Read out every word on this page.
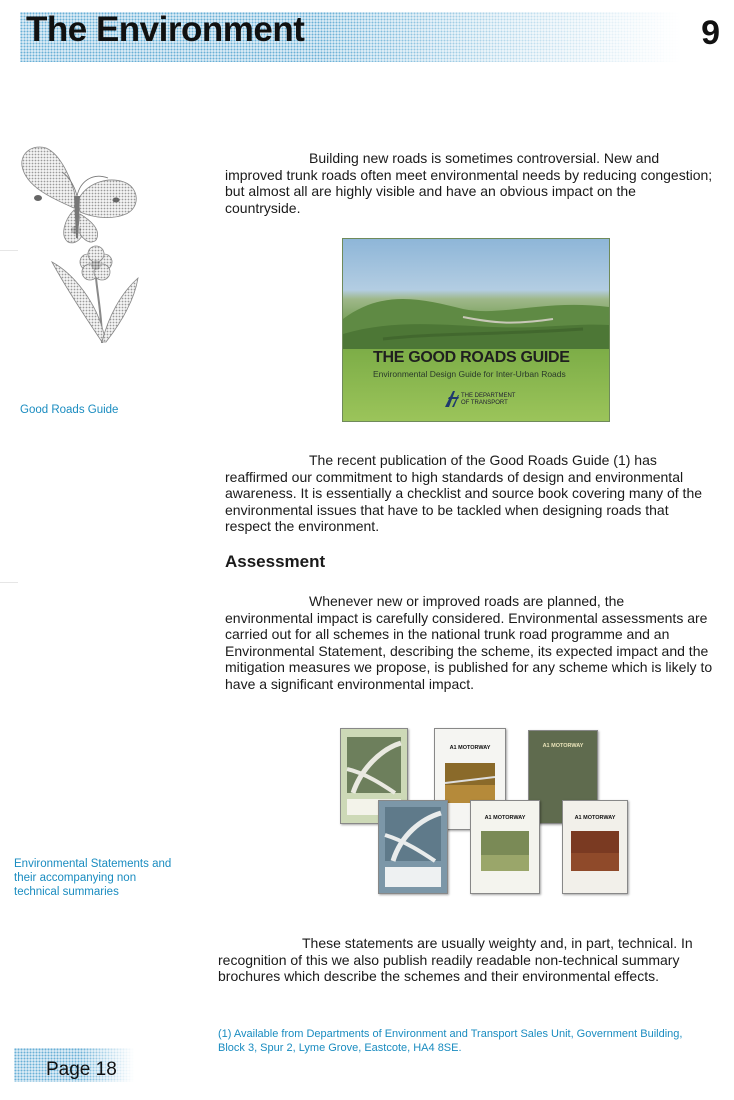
The Environment	9

Building new roads is sometimes controversial. New and improved trunk roads often meet environmental needs by reducing congestion; but almost all are highly visible and have an obvious impact on the countryside.

THE GOOD ROADS GUIDE
Environmental Design Guide for Inter-Urban Roads
THE DEPARTMENT
OF TRANSPORT
Good Roads Guide

The recent publication of the Good Roads Guide (1) has reaffirmed our commitment to high standards of design and environmental awareness. It is essentially a checklist and source book covering many of the environmental issues that have to be tackled when designing roads that respect the environment.

Assessment

Whenever new or improved roads are planned, the environmental impact is carefully considered. Environmental assessments are carried out for all schemes in the national trunk road programme and an Environmental Statement, describing the scheme, its expected impact and the mitigation measures we propose, is published for any scheme which is likely to have a significant environmental impact.

A1 MOTORWAY	A1 MOTORWAY
A1 MOTORWAY	A1 MOTORWAY
Environmental Statements and their accompanying non technical summaries

These statements are usually weighty and, in part, technical. In recognition of this we also publish readily readable non-technical summary brochures which describe the schemes and their environmental effects.

(1) Available from Departments of Environment and Transport Sales Unit, Government Building, Block 3, Spur 2, Lyme Grove, Eastcote, HA4 8SE.
Page 18
